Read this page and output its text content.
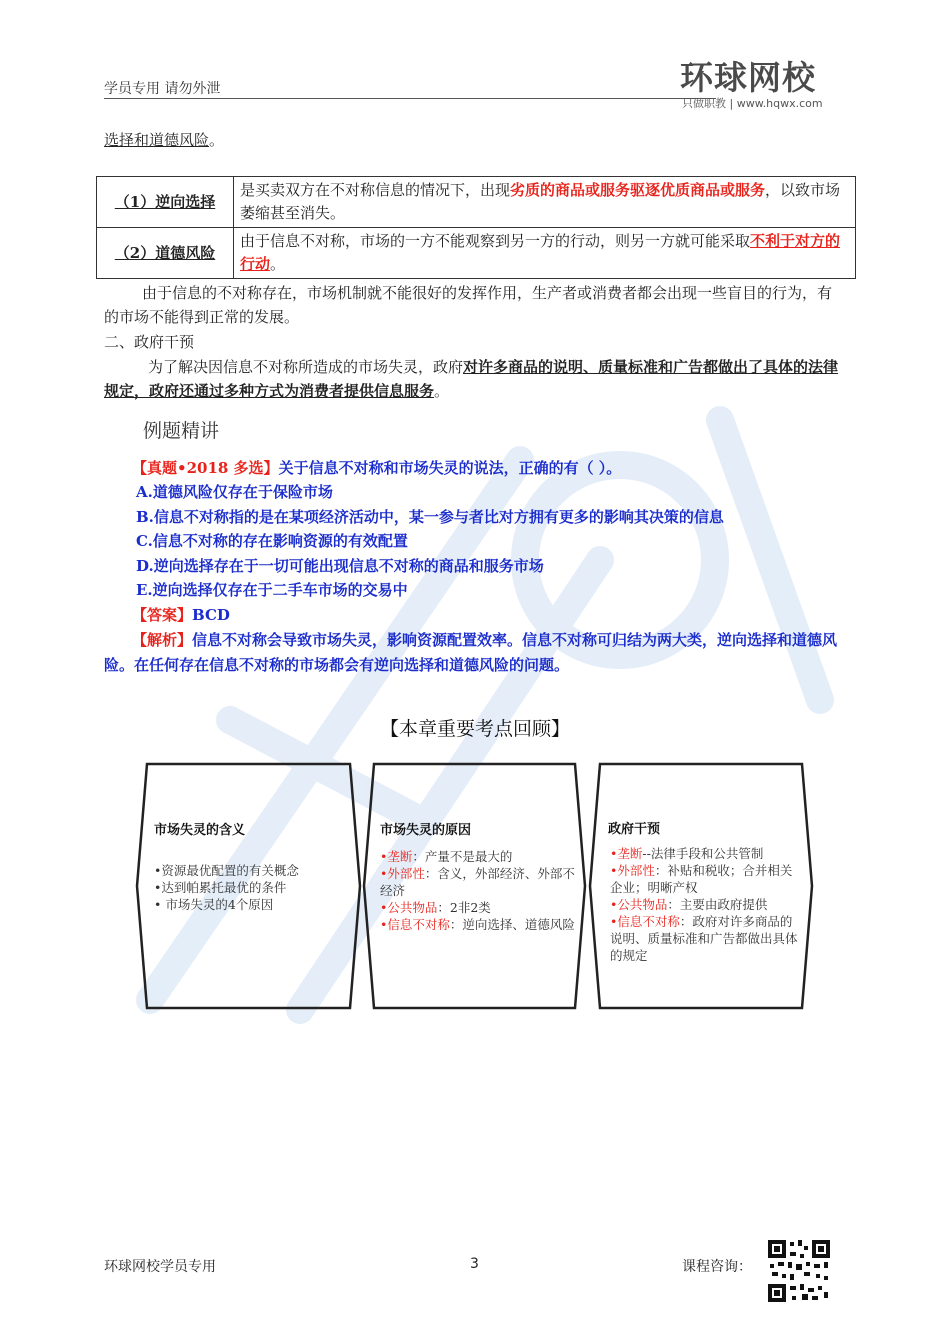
学员专用 请勿外泄	环球网校
只做职教 | www.hqwx.com
选择和道德风险。
（1）逆向选择	是买卖双方在不对称信息的情况下，出现劣质的商品或服务驱逐优质商品或服务，以致市场萎缩甚至消失。
（2）道德风险	由于信息不对称，市场的一方不能观察到另一方的行动，则另一方就可能采取不利于对方的行动。
由于信息的不对称存在，市场机制就不能很好的发挥作用，生产者或消费者都会出现一些盲目的行为，有的市场不能得到正常的发展。
二、政府干预
为了解决因信息不对称所造成的市场失灵，政府对许多商品的说明、质量标准和广告都做出了具体的法律规定，政府还通过多种方式为消费者提供信息服务。
例题精讲
【真题•2018 多选】关于信息不对称和市场失灵的说法，正确的有（ ）。
A.道德风险仅存在于保险市场
B.信息不对称指的是在某项经济活动中，某一参与者比对方拥有更多的影响其决策的信息
C.信息不对称的存在影响资源的有效配置
D.逆向选择存在于一切可能出现信息不对称的商品和服务市场
E.逆向选择仅存在于二手车市场的交易中
【答案】BCD
【解析】信息不对称会导致市场失灵，影响资源配置效率。信息不对称可归结为两大类，逆向选择和道德风险。在任何存在信息不对称的市场都会有逆向选择和道德风险的问题。
【本章重要考点回顾】
市场失灵的含义
•资源最优配置的有关概念
•达到帕累托最优的条件
• 市场失灵的4个原因
市场失灵的原因
•垄断：产量不是最大的
•外部性：含义，外部经济、外部不经济
•公共物品：2非2类
•信息不对称：逆向选择、道德风险
政府干预
•垄断--法律手段和公共管制
•外部性：补贴和税收；合并相关企业；明晰产权
•公共物品：主要由政府提供
•信息不对称：政府对许多商品的说明、质量标准和广告都做出具体的规定
环球网校学员专用	3	课程咨询：
